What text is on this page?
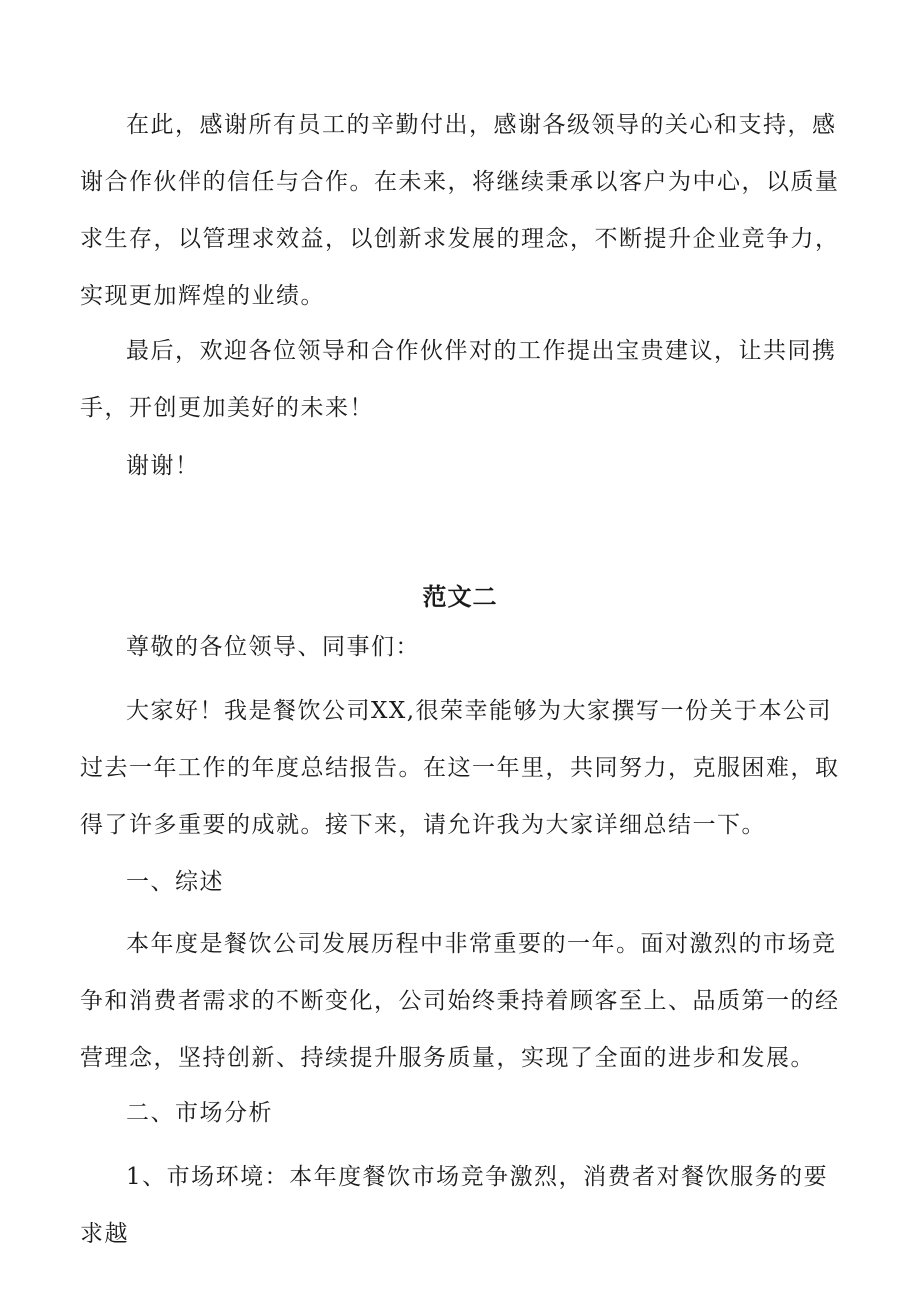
在此，感谢所有员工的辛勤付出，感谢各级领导的关心和支持，感谢合作伙伴的信任与合作。在未来，将继续秉承以客户为中心，以质量求生存，以管理求效益，以创新求发展的理念，不断提升企业竞争力，实现更加辉煌的业绩。

最后，欢迎各位领导和合作伙伴对的工作提出宝贵建议，让共同携手，开创更加美好的未来！

谢谢！

范文二

尊敬的各位领导、同事们：

大家好！我是餐饮公司XX,很荣幸能够为大家撰写一份关于本公司过去一年工作的年度总结报告。在这一年里，共同努力，克服困难，取得了许多重要的成就。接下来，请允许我为大家详细总结一下。

一、综述

本年度是餐饮公司发展历程中非常重要的一年。面对激烈的市场竞争和消费者需求的不断变化，公司始终秉持着顾客至上、品质第一的经营理念，坚持创新、持续提升服务质量，实现了全面的进步和发展。

二、市场分析

1、市场环境：本年度餐饮市场竞争激烈，消费者对餐饮服务的要求越
